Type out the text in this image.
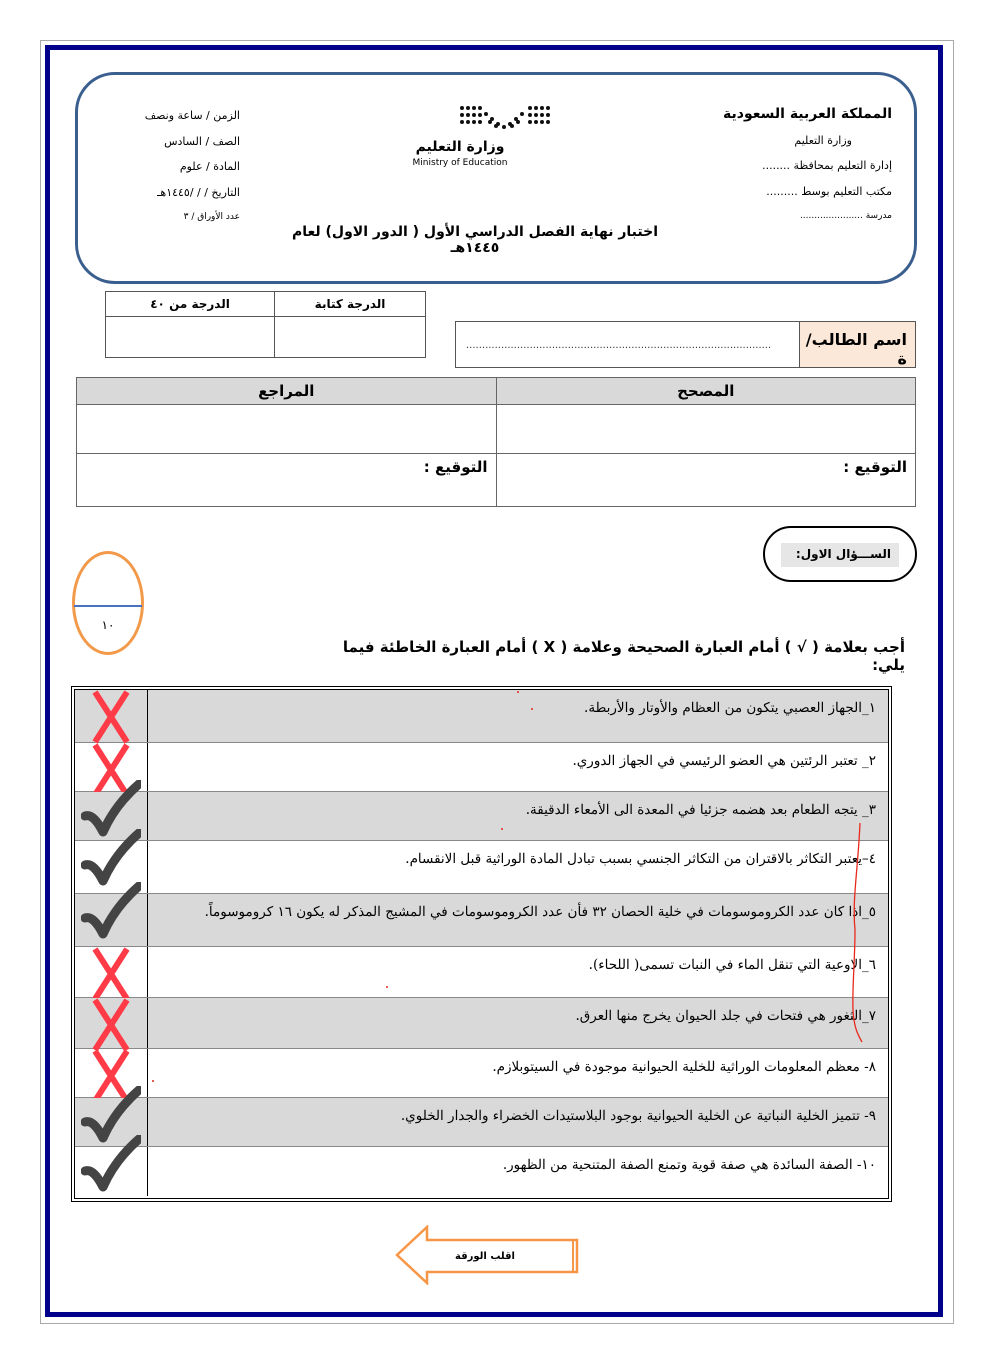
المملكة العربية السعودية
وزارة التعليم
إدارة التعليم بمحافظة ........
مكتب التعليم بوسط .........
مدرسة ......................
الزمن / ساعة ونصف
الصف / السادس
المادة / علوم
التاريخ / / /١٤٤٥هـ
عدد الأوراق / ٣
وزارة التعليم
Ministry of Education
اختبار نهاية الفصل الدراسي الأول ( الدور الاول) لعام ١٤٤٥هـ
الدرجة من ٤٠	الدرجة كتابة

اسم الطالب/ة
................................................................................................
المراجع	المصحح

التوقيع :	التوقيع :
الســـؤال الاول:
١٠
أجب بعلامة ( √ ) أمام العبارة الصحيحة وعلامة ( X ) أمام العبارة الخاطئة فيما يلي:
	١_الجهاز العصبي يتكون من العظام والأوتار والأربطة.

	٢_ تعتبر الرئتين هي العضو الرئيسي في الجهاز الدوري.

	٣_ يتجه الطعام بعد هضمه جزئيا في المعدة الى الأمعاء الدقيقة.

	٤–يعتبر التكاثر بالاقتران من التكاثر الجنسي بسبب تبادل المادة الوراثية قبل الانقسام.

	٥_اذا كان عدد الكروموسومات في خلية الحصان ٣٢ فأن عدد الكروموسومات في المشيج المذكر له يكون ١٦ كروموسوماً.

	٦_الاوعية التي تنقل الماء في النبات تسمى( اللحاء).

	٧_الثغور هي فتحات في جلد الحيوان يخرج منها العرق.

	٨- معظم المعلومات الوراثية للخلية الحيوانية موجودة في السيتوبلازم.

	٩- تتميز الخلية النباتية عن الخلية الحيوانية بوجود البلاستيدات الخضراء والجدار الخلوي.

	١٠- الصفة السائدة هي صفة قوية وتمنع الصفة المتنحية من الظهور.
اقلب الورقة
